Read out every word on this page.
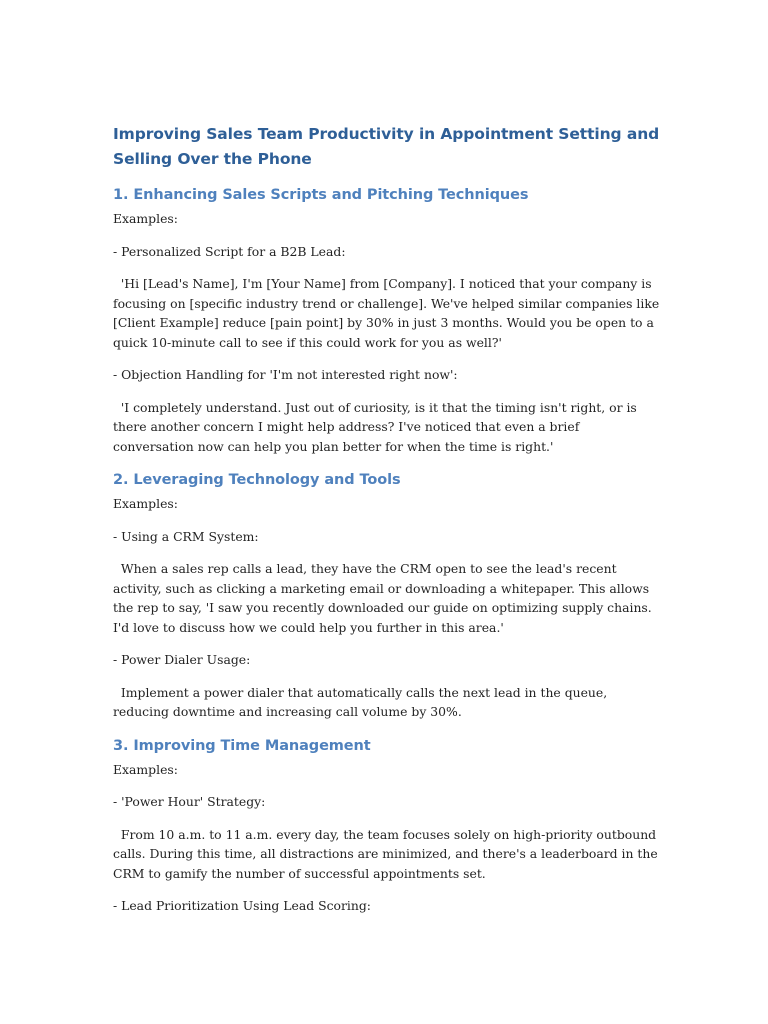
Improving Sales Team Productivity in Appointment Setting and Selling Over the Phone
1. Enhancing Sales Scripts and Pitching Techniques

Examples:

- Personalized Script for a B2B Lead:

'Hi [Lead's Name], I'm [Your Name] from [Company]. I noticed that your company is focusing on [specific industry trend or challenge]. We've helped similar companies like [Client Example] reduce [pain point] by 30% in just 3 months. Would you be open to a quick 10-minute call to see if this could work for you as well?'

- Objection Handling for 'I'm not interested right now':

'I completely understand. Just out of curiosity, is it that the timing isn't right, or is there another concern I might help address? I've noticed that even a brief conversation now can help you plan better for when the time is right.'

2. Leveraging Technology and Tools

Examples:

- Using a CRM System:

When a sales rep calls a lead, they have the CRM open to see the lead's recent activity, such as clicking a marketing email or downloading a whitepaper. This allows the rep to say, 'I saw you recently downloaded our guide on optimizing supply chains. I'd love to discuss how we could help you further in this area.'

- Power Dialer Usage:

Implement a power dialer that automatically calls the next lead in the queue, reducing downtime and increasing call volume by 30%.

3. Improving Time Management

Examples:

- 'Power Hour' Strategy:

From 10 a.m. to 11 a.m. every day, the team focuses solely on high-priority outbound calls. During this time, all distractions are minimized, and there's a leaderboard in the CRM to gamify the number of successful appointments set.

- Lead Prioritization Using Lead Scoring:
